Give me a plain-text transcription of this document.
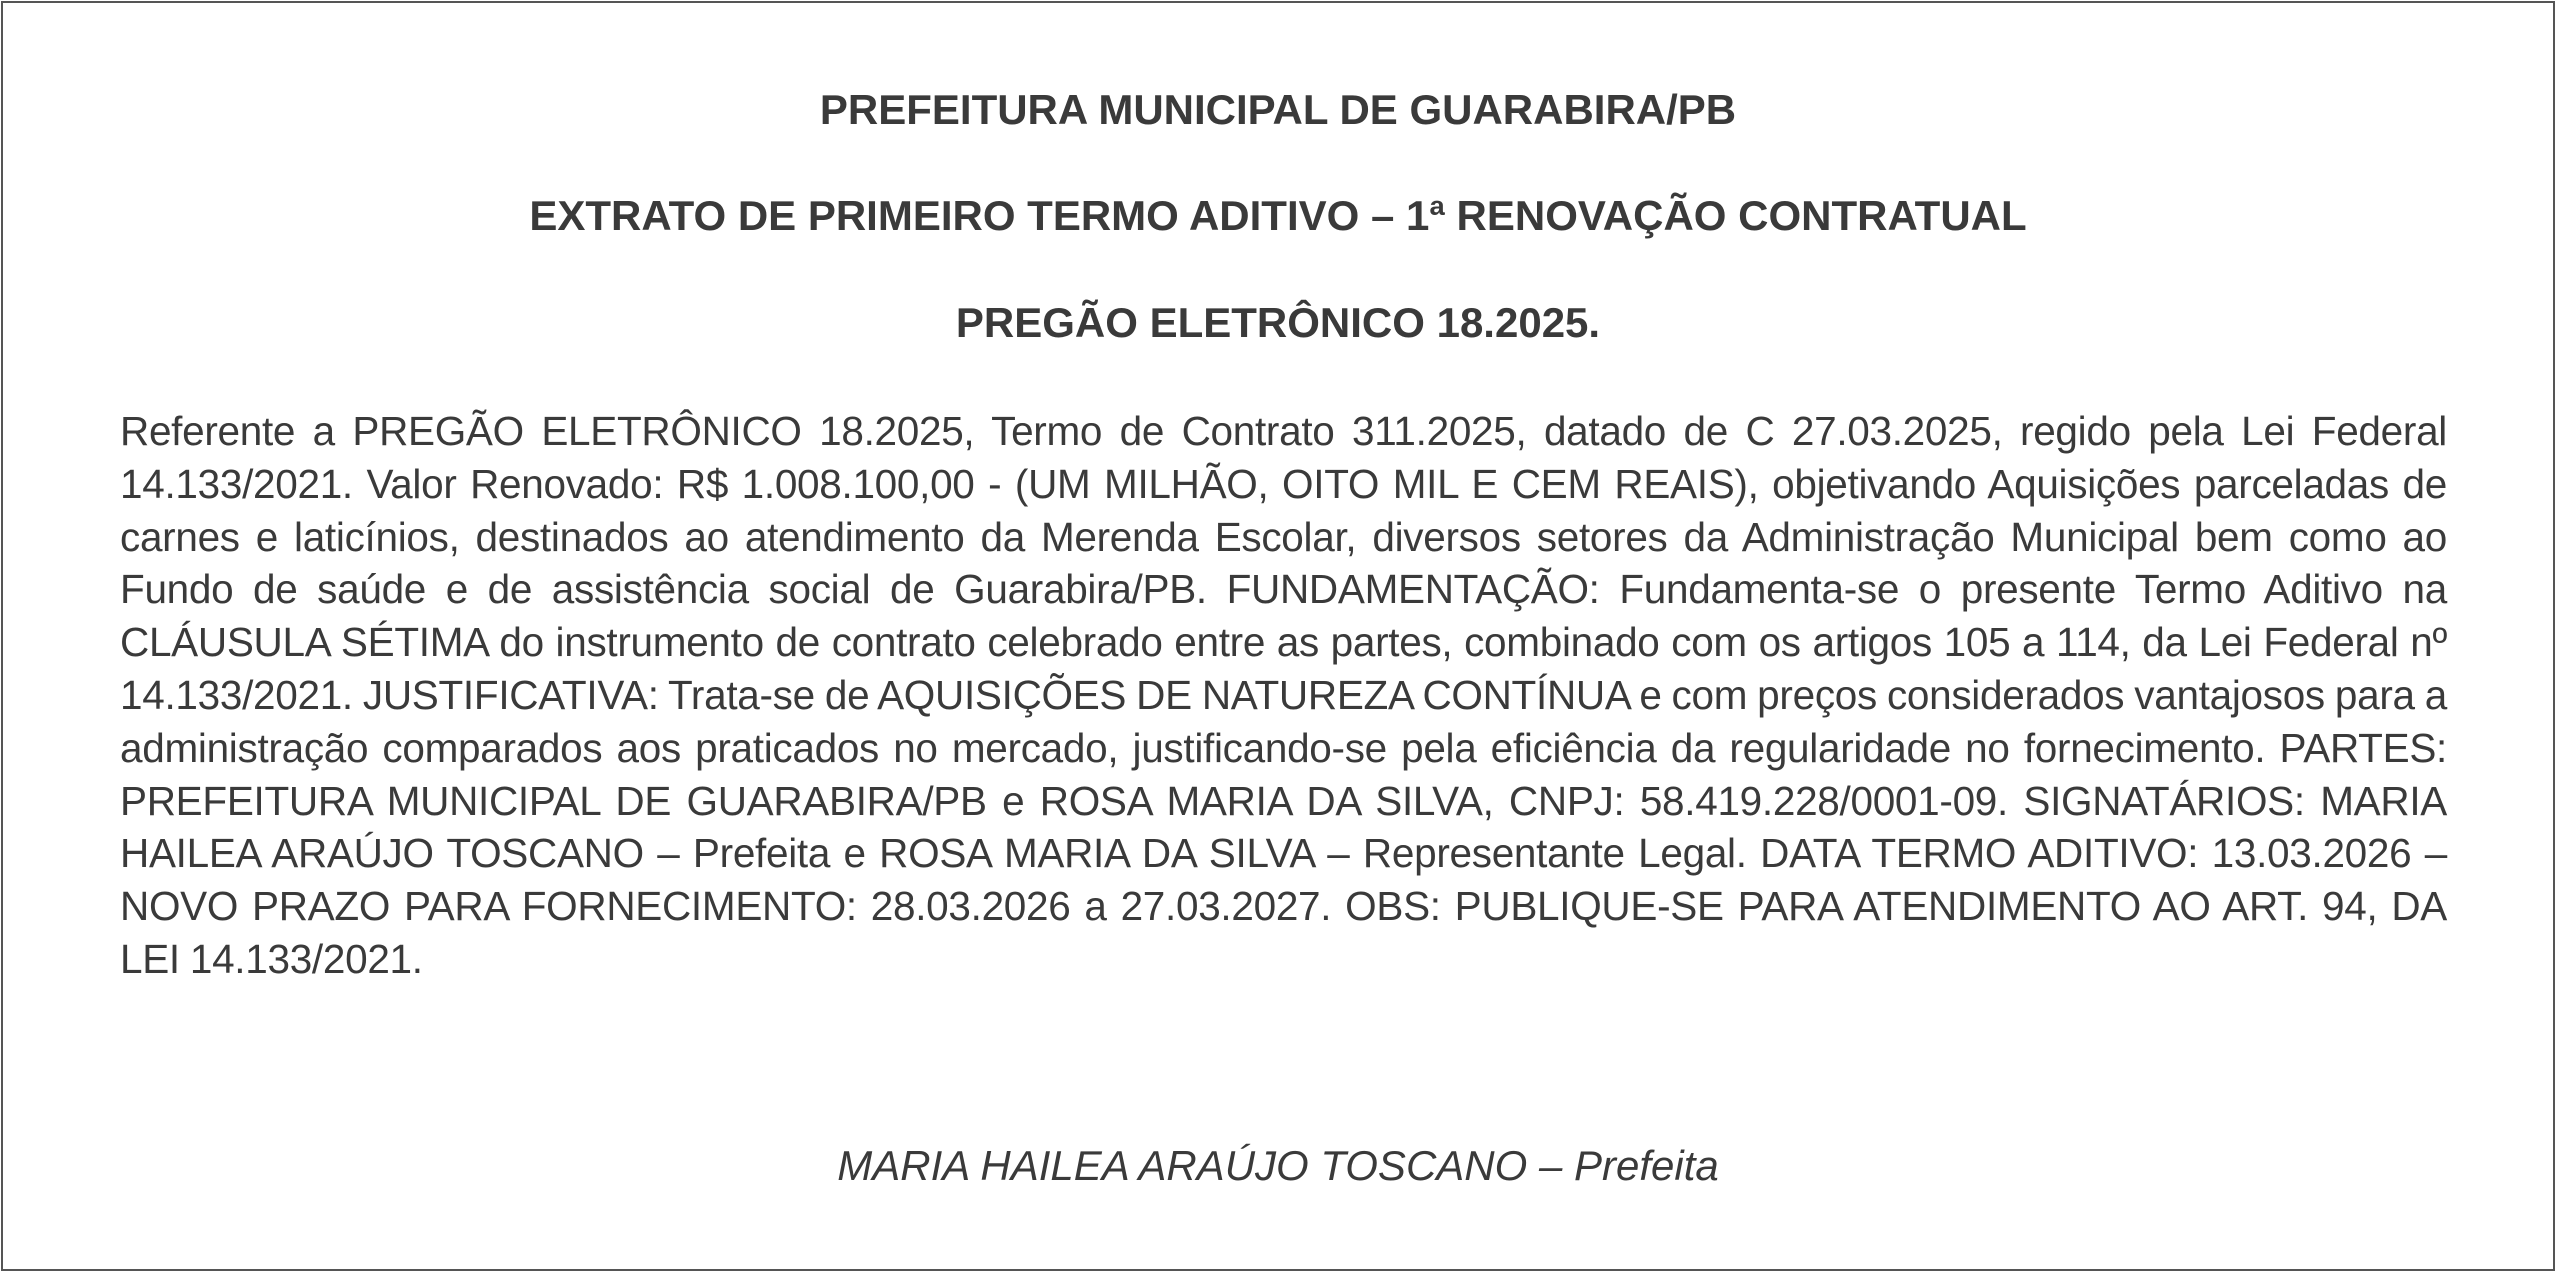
PREFEITURA MUNICIPAL DE GUARABIRA/PB
EXTRATO DE PRIMEIRO TERMO ADITIVO – 1ª RENOVAÇÃO CONTRATUAL
PREGÃO ELETRÔNICO 18.2025.
Referente a PREGÃO ELETRÔNICO 18.2025, Termo de Contrato 311.2025, datado de C 27.03.2025, regido pela Lei Federal 14.133/2021. Valor Renovado: R$ 1.008.100,00 - (UM MILHÃO, OITO MIL E CEM REAIS), objetivando Aquisições parceladas de carnes e laticínios, destinados ao atendimento da Merenda Escolar, diversos setores da Administração Municipal bem como ao Fundo de saúde e de assistência social de Guarabira/PB. FUNDAMENTAÇÃO: Fundamenta-se o presente Termo Aditivo na CLÁUSULA SÉTIMA do instrumento de contrato celebrado entre as partes, combinado com os artigos 105 a 114, da Lei Federal nº 14.133/2021. JUSTIFICATIVA: Trata-se de AQUISIÇÕES DE NATUREZA CONTÍNUA e com preços considerados vantajosos para a administração comparados aos praticados no mercado, justificando-se pela eficiência da regularidade no fornecimento. PARTES: PREFEITURA MUNICIPAL DE GUARABIRA/PB e ROSA MARIA DA SILVA, CNPJ: 58.419.228/0001-09. SIGNATÁRIOS: MARIA HAILEA ARAÚJO TOSCANO – Prefeita e ROSA MARIA DA SILVA – Representante Legal. DATA TERMO ADITIVO: 13.03.2026 – NOVO PRAZO PARA FORNECIMENTO: 28.03.2026 a 27.03.2027. OBS: PUBLIQUE-SE PARA ATENDIMENTO AO ART. 94, DA LEI 14.133/2021.
MARIA HAILEA ARAÚJO TOSCANO – Prefeita
